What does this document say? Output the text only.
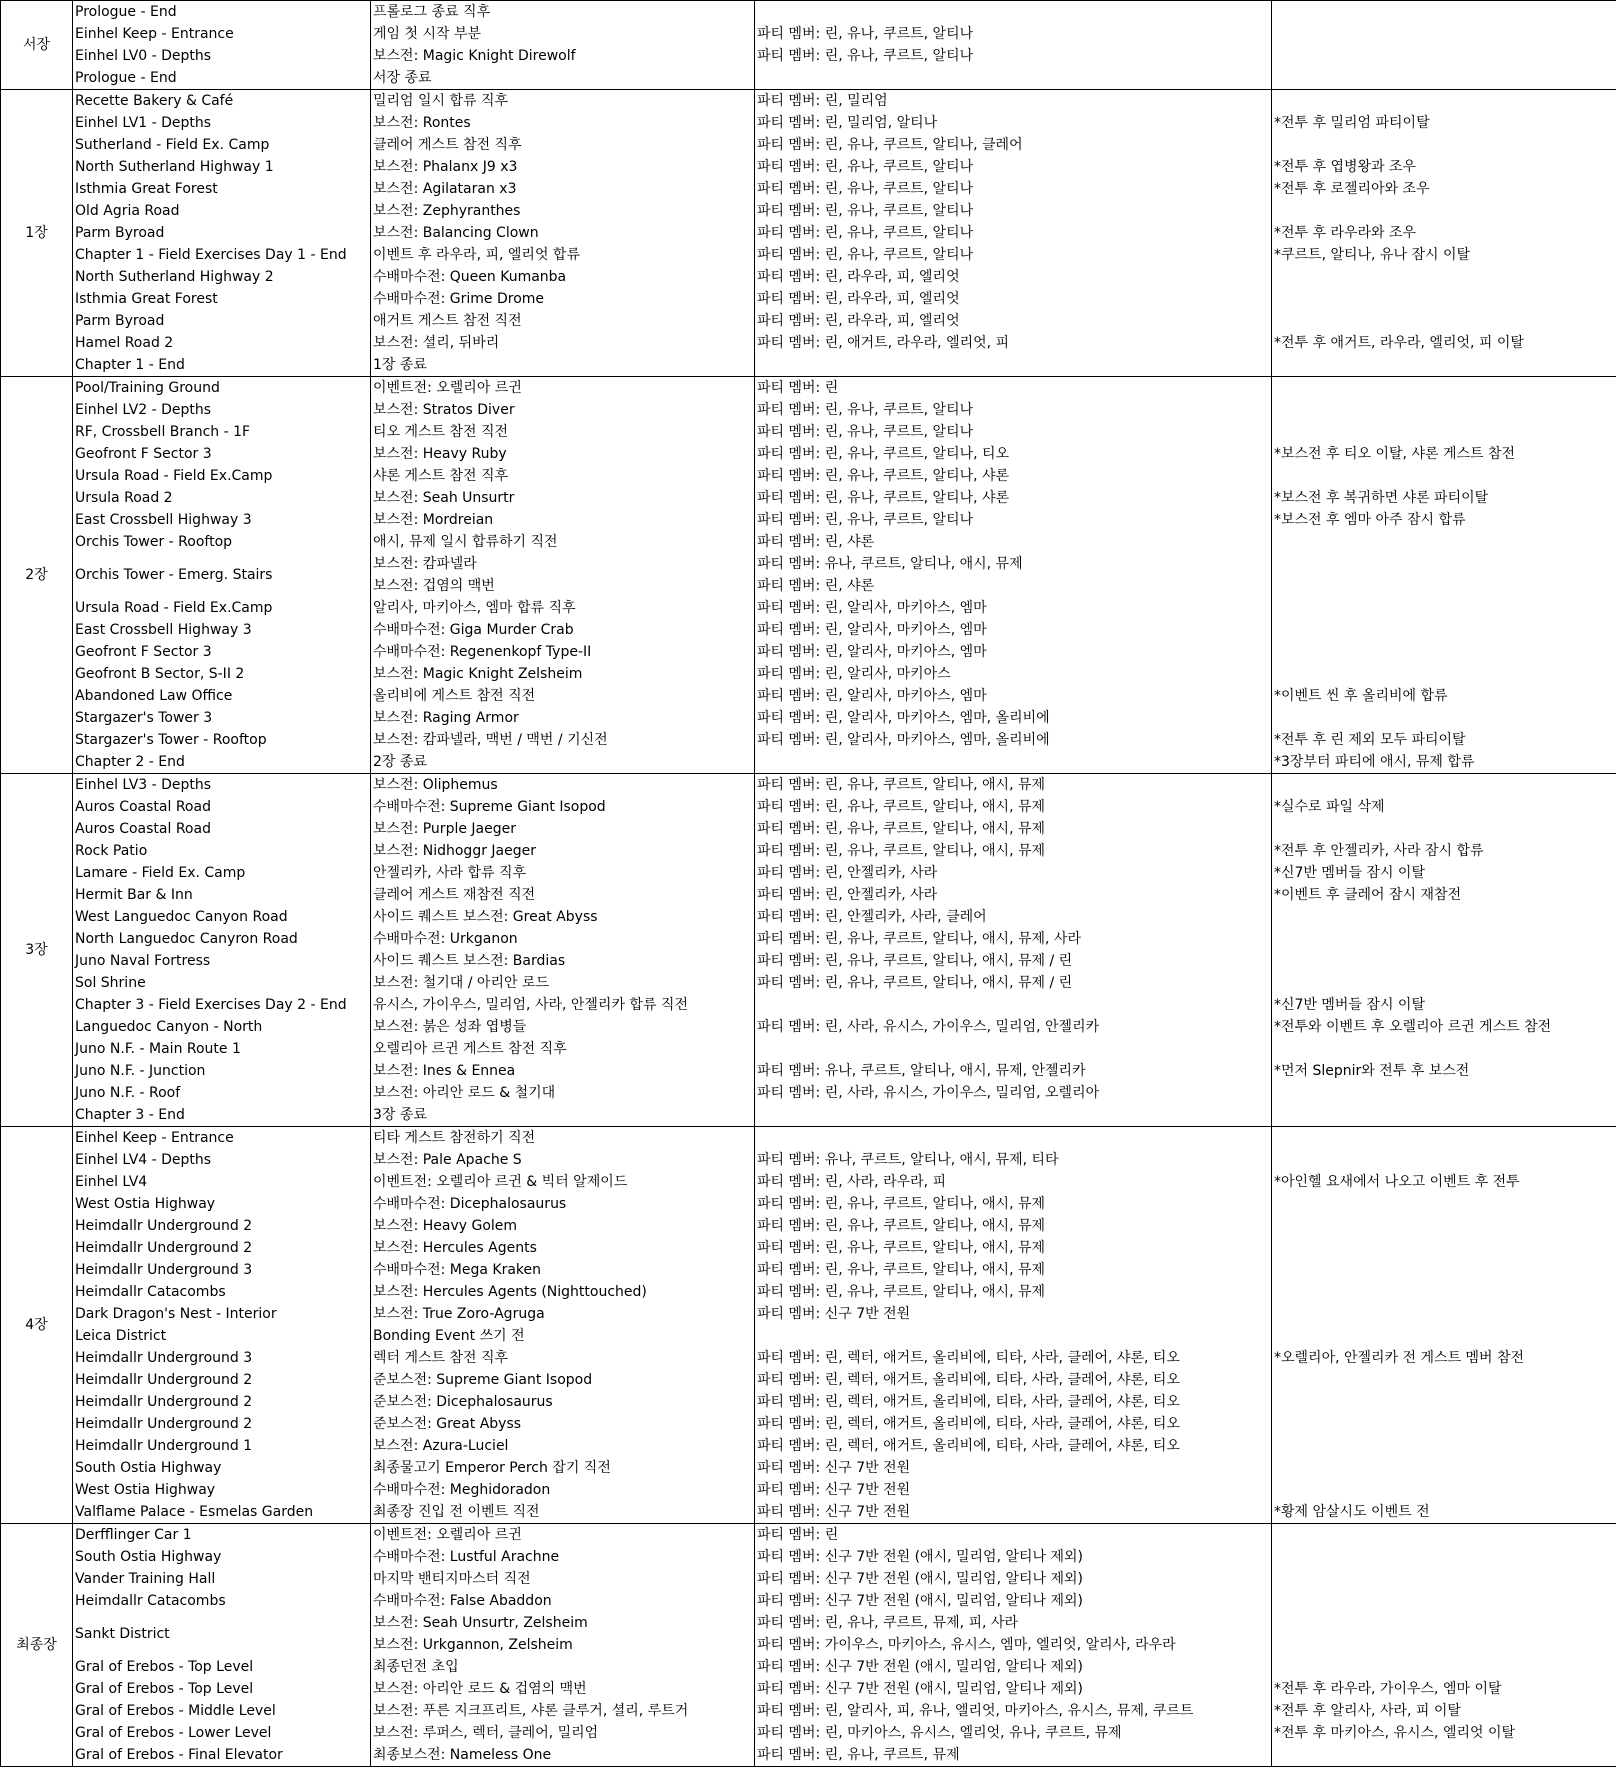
서장	Prologue - End	프롤로그 종료 직후		
	Einhel Keep - Entrance	게임 첫 시작 부분	파티 멤버: 린, 유나, 쿠르트, 알티나	
	Einhel LV0 - Depths	보스전: Magic Knight Direwolf	파티 멤버: 린, 유나, 쿠르트, 알티나	
	Prologue - End	서장 종료		
1장	Recette Bakery & Café	밀리엄 일시 합류 직후	파티 멤버: 린, 밀리엄	
	Einhel LV1 - Depths	보스전: Rontes	파티 멤버: 린, 밀리엄, 알티나	*전투 후 밀리엄 파티이탈
	Sutherland - Field Ex. Camp	클레어 게스트 참전 직후	파티 멤버: 린, 유나, 쿠르트, 알티나, 클레어	
	North Sutherland Highway 1	보스전: Phalanx J9 x3	파티 멤버: 린, 유나, 쿠르트, 알티나	*전투 후 엽병왕과 조우
	Isthmia Great Forest	보스전: Agilataran x3	파티 멤버: 린, 유나, 쿠르트, 알티나	*전투 후 로젤리아와 조우
	Old Agria Road	보스전: Zephyranthes	파티 멤버: 린, 유나, 쿠르트, 알티나	
	Parm Byroad	보스전: Balancing Clown	파티 멤버: 린, 유나, 쿠르트, 알티나	*전투 후 라우라와 조우
	Chapter 1 - Field Exercises Day 1 - End	이벤트 후 라우라, 피, 엘리엇 합류	파티 멤버: 린, 유나, 쿠르트, 알티나	*쿠르트, 알티나, 유나 잠시 이탈
	North Sutherland Highway 2	수배마수전: Queen Kumanba	파티 멤버: 린, 라우라, 피, 엘리엇	
	Isthmia Great Forest	수배마수전: Grime Drome	파티 멤버: 린, 라우라, 피, 엘리엇	
	Parm Byroad	애거트 게스트 참전 직전	파티 멤버: 린, 라우라, 피, 엘리엇	
	Hamel Road 2	보스전: 셜리, 뒤바리	파티 멤버: 린, 애거트, 라우라, 엘리엇, 피	*전투 후 애거트, 라우라, 엘리엇, 피 이탈
	Chapter 1 - End	1장 종료		
2장	Pool/Training Ground	이벤트전: 오렐리아 르귄	파티 멤버: 린	
	Einhel LV2 - Depths	보스전: Stratos Diver	파티 멤버: 린, 유나, 쿠르트, 알티나	
	RF, Crossbell Branch - 1F	티오 게스트 참전 직전	파티 멤버: 린, 유나, 쿠르트, 알티나	
	Geofront F Sector 3	보스전: Heavy Ruby	파티 멤버: 린, 유나, 쿠르트, 알티나, 티오	*보스전 후 티오 이탈, 샤론 게스트 참전
	Ursula Road - Field Ex.Camp	샤론 게스트 참전 직후	파티 멤버: 린, 유나, 쿠르트, 알티나, 샤론	
	Ursula Road 2	보스전: Seah Unsurtr	파티 멤버: 린, 유나, 쿠르트, 알티나, 샤론	*보스전 후 복귀하면 샤론 파티이탈
	East Crossbell Highway 3	보스전: Mordreian	파티 멤버: 린, 유나, 쿠르트, 알티나	*보스전 후 엠마 아주 잠시 합류
	Orchis Tower - Rooftop	애시, 뮤제 일시 합류하기 직전	파티 멤버: 린, 샤론	
	Orchis Tower - Emerg. Stairs	보스전: 캄파넬라	파티 멤버: 유나, 쿠르트, 알티나, 애시, 뮤제	
		보스전: 겁염의 맥번	파티 멤버: 린, 샤론	
	Ursula Road - Field Ex.Camp	알리사, 마키아스, 엠마 합류 직후	파티 멤버: 린, 알리사, 마키아스, 엠마	
	East Crossbell Highway 3	수배마수전: Giga Murder Crab	파티 멤버: 린, 알리사, 마키아스, 엠마	
	Geofront F Sector 3	수배마수전: Regenenkopf Type-II	파티 멤버: 린, 알리사, 마키아스, 엠마	
	Geofront B Sector, S-II 2	보스전: Magic Knight Zelsheim	파티 멤버: 린, 알리사, 마키아스	
	Abandoned Law Office	올리비에 게스트 참전 직전	파티 멤버: 린, 알리사, 마키아스, 엠마	*이벤트 씬 후 올리비에 합류
	Stargazer's Tower 3	보스전: Raging Armor	파티 멤버: 린, 알리사, 마키아스, 엠마, 올리비에	
	Stargazer's Tower - Rooftop	보스전: 캄파넬라, 맥번 / 맥번 / 기신전	파티 멤버: 린, 알리사, 마키아스, 엠마, 올리비에	*전투 후 린 제외 모두 파티이탈
	Chapter 2 - End	2장 종료		*3장부터 파티에 애시, 뮤제 합류
3장	Einhel LV3 - Depths	보스전: Oliphemus	파티 멤버: 린, 유나, 쿠르트, 알티나, 애시, 뮤제	
	Auros Coastal Road	수배마수전: Supreme Giant Isopod	파티 멤버: 린, 유나, 쿠르트, 알티나, 애시, 뮤제	*실수로 파일 삭제
	Auros Coastal Road	보스전: Purple Jaeger	파티 멤버: 린, 유나, 쿠르트, 알티나, 애시, 뮤제	
	Rock Patio	보스전: Nidhoggr Jaeger	파티 멤버: 린, 유나, 쿠르트, 알티나, 애시, 뮤제	*전투 후 안젤리카, 사라 잠시 합류
	Lamare - Field Ex. Camp	안젤리카, 사라 합류 직후	파티 멤버: 린, 안젤리카, 사라	*신7반 멤버들 잠시 이탈
	Hermit Bar & Inn	클레어 게스트 재참전 직전	파티 멤버: 린, 안젤리카, 사라	*이벤트 후 클레어 잠시 재참전
	West Languedoc Canyon Road	사이드 퀘스트 보스전: Great Abyss	파티 멤버: 린, 안젤리카, 사라, 클레어	
	North Languedoc Canyron Road	수배마수전: Urkganon	파티 멤버: 린, 유나, 쿠르트, 알티나, 애시, 뮤제, 사라	
	Juno Naval Fortress	사이드 퀘스트 보스전: Bardias	파티 멤버: 린, 유나, 쿠르트, 알티나, 애시, 뮤제 / 린	
	Sol Shrine	보스전: 철기대 / 아리안 로드	파티 멤버: 린, 유나, 쿠르트, 알티나, 애시, 뮤제 / 린	
	Chapter 3 - Field Exercises Day 2 - End	유시스, 가이우스, 밀리엄, 사라, 안젤리카 합류 직전		*신7반 멤버들 잠시 이탈
	Languedoc Canyon - North	보스전: 붉은 성좌 엽병들	파티 멤버: 린, 사라, 유시스, 가이우스, 밀리엄, 안젤리카	*전투와 이벤트 후 오렐리아 르귄 게스트 참전
	Juno N.F. - Main Route 1	오렐리아 르귄 게스트 참전 직후		
	Juno N.F. - Junction	보스전: Ines & Ennea	파티 멤버: 유나, 쿠르트, 알티나, 애시, 뮤제, 안젤리카	*먼저 Slepnir와 전투 후 보스전
	Juno N.F. - Roof	보스전: 아리안 로드 & 철기대	파티 멤버: 린, 사라, 유시스, 가이우스, 밀리엄, 오렐리아	
	Chapter 3 - End	3장 종료		
4장	Einhel Keep - Entrance	티타 게스트 참전하기 직전		
	Einhel LV4 - Depths	보스전: Pale Apache S	파티 멤버: 유나, 쿠르트, 알티나, 애시, 뮤제, 티타	
	Einhel LV4	이벤트전: 오렐리아 르귄 & 빅터 알제이드	파티 멤버: 린, 사라, 라우라, 피	*아인헬 요새에서 나오고 이벤트 후 전투
	West Ostia Highway	수배마수전: Dicephalosaurus	파티 멤버: 린, 유나, 쿠르트, 알티나, 애시, 뮤제	
	Heimdallr Underground 2	보스전: Heavy Golem	파티 멤버: 린, 유나, 쿠르트, 알티나, 애시, 뮤제	
	Heimdallr Underground 2	보스전: Hercules Agents	파티 멤버: 린, 유나, 쿠르트, 알티나, 애시, 뮤제	
	Heimdallr Underground 3	수배마수전: Mega Kraken	파티 멤버: 린, 유나, 쿠르트, 알티나, 애시, 뮤제	
	Heimdallr Catacombs	보스전: Hercules Agents (Nighttouched)	파티 멤버: 린, 유나, 쿠르트, 알티나, 애시, 뮤제	
	Dark Dragon's Nest - Interior	보스전: True Zoro-Agruga	파티 멤버: 신구 7반 전원	
	Leica District	Bonding Event 쓰기 전		
	Heimdallr Underground 3	렉터 게스트 참전 직후	파티 멤버: 린, 렉터, 애거트, 올리비에, 티타, 사라, 클레어, 샤론, 티오	*오렐리아, 안젤리카 전 게스트 멤버 참전
	Heimdallr Underground 2	준보스전: Supreme Giant Isopod	파티 멤버: 린, 렉터, 애거트, 올리비에, 티타, 사라, 클레어, 샤론, 티오	
	Heimdallr Underground 2	준보스전: Dicephalosaurus	파티 멤버: 린, 렉터, 애거트, 올리비에, 티타, 사라, 클레어, 샤론, 티오	
	Heimdallr Underground 2	준보스전: Great Abyss	파티 멤버: 린, 렉터, 애거트, 올리비에, 티타, 사라, 클레어, 샤론, 티오	
	Heimdallr Underground 1	보스전: Azura-Luciel	파티 멤버: 린, 렉터, 애거트, 올리비에, 티타, 사라, 클레어, 샤론, 티오	
	South Ostia Highway	최종물고기 Emperor Perch 잡기 직전	파티 멤버: 신구 7반 전원	
	West Ostia Highway	수배마수전: Meghidoradon	파티 멤버: 신구 7반 전원	
	Valflame Palace - Esmelas Garden	최종장 진입 전 이벤트 직전	파티 멤버: 신구 7반 전원	*황제 암살시도 이벤트 전
최종장	Derfflinger Car 1	이벤트전: 오렐리아 르귄	파티 멤버: 린	
	South Ostia Highway	수배마수전: Lustful Arachne	파티 멤버: 신구 7반 전원 (애시, 밀리엄, 알티나 제외)	
	Vander Training Hall	마지막 밴티지마스터 직전	파티 멤버: 신구 7반 전원 (애시, 밀리엄, 알티나 제외)	
	Heimdallr Catacombs	수배마수전: False Abaddon	파티 멤버: 신구 7반 전원 (애시, 밀리엄, 알티나 제외)	
	Sankt District	보스전: Seah Unsurtr, Zelsheim	파티 멤버: 린, 유나, 쿠르트, 뮤제, 피, 사라	
		보스전: Urkgannon, Zelsheim	파티 멤버: 가이우스, 마키아스, 유시스, 엠마, 엘리엇, 알리사, 라우라	
	Gral of Erebos - Top Level	최종던전 초입	파티 멤버: 신구 7반 전원 (애시, 밀리엄, 알티나 제외)	
	Gral of Erebos - Top Level	보스전: 아리안 로드 & 겁염의 맥번	파티 멤버: 신구 7반 전원 (애시, 밀리엄, 알티나 제외)	*전투 후 라우라, 가이우스, 엠마 이탈
	Gral of Erebos - Middle Level	보스전: 푸른 지크프리트, 샤론 클루거, 셜리, 루트거	파티 멤버: 린, 알리사, 피, 유나, 엘리엇, 마키아스, 유시스, 뮤제, 쿠르트	*전투 후 알리사, 사라, 피 이탈
	Gral of Erebos - Lower Level	보스전: 루퍼스, 렉터, 클레어, 밀리엄	파티 멤버: 린, 마키아스, 유시스, 엘리엇, 유나, 쿠르트, 뮤제	*전투 후 마키아스, 유시스, 엘리엇 이탈
	Gral of Erebos - Final Elevator	최종보스전: Nameless One	파티 멤버: 린, 유나, 쿠르트, 뮤제	
